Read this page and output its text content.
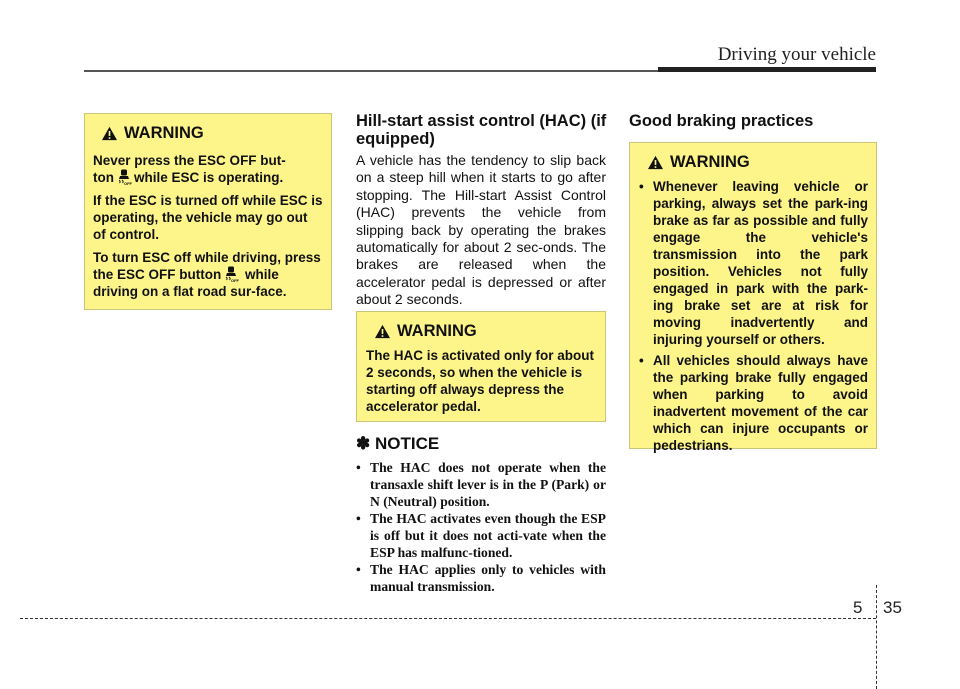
Driving your vehicle
WARNING

Never press the ESC OFF but-
ton	OFF while ESC is operating.

If the ESC is turned off while ESC is operating, the vehicle may go out of control.

To turn ESC off while driving, press the ESC OFF button	OFF while driving on a flat road sur-face.

Hill-start assist control (HAC) (if equipped)
A vehicle has the tendency to slip back on a steep hill when it starts to go after stopping. The Hill-start Assist Control (HAC) prevents the vehicle from slipping back by operating the brakes automatically for about 2 sec-onds. The brakes are released when the accelerator pedal is depressed or after about 2 seconds.
WARNING
The HAC is activated only for about 2 seconds, so when the vehicle is starting off always depress the accelerator pedal.
✽ NOTICE
• The HAC does not operate when the transaxle shift lever is in the P (Park) or N (Neutral) position.
• The HAC activates even though the ESP is off but it does not acti-vate when the ESP has malfunc-tioned.
• The HAC applies only to vehicles with manual transmission.
Good braking practices
WARNING
• Whenever leaving vehicle or parking, always set the park-ing brake as far as possible and fully engage the vehicle's transmission into the park position. Vehicles not fully engaged in park with the park-ing brake set are at risk for moving inadvertently and injuring yourself or others.
• All vehicles should always have the parking brake fully engaged when parking to avoid inadvertent movement of the car which can injure occupants or pedestrians.
5 35
